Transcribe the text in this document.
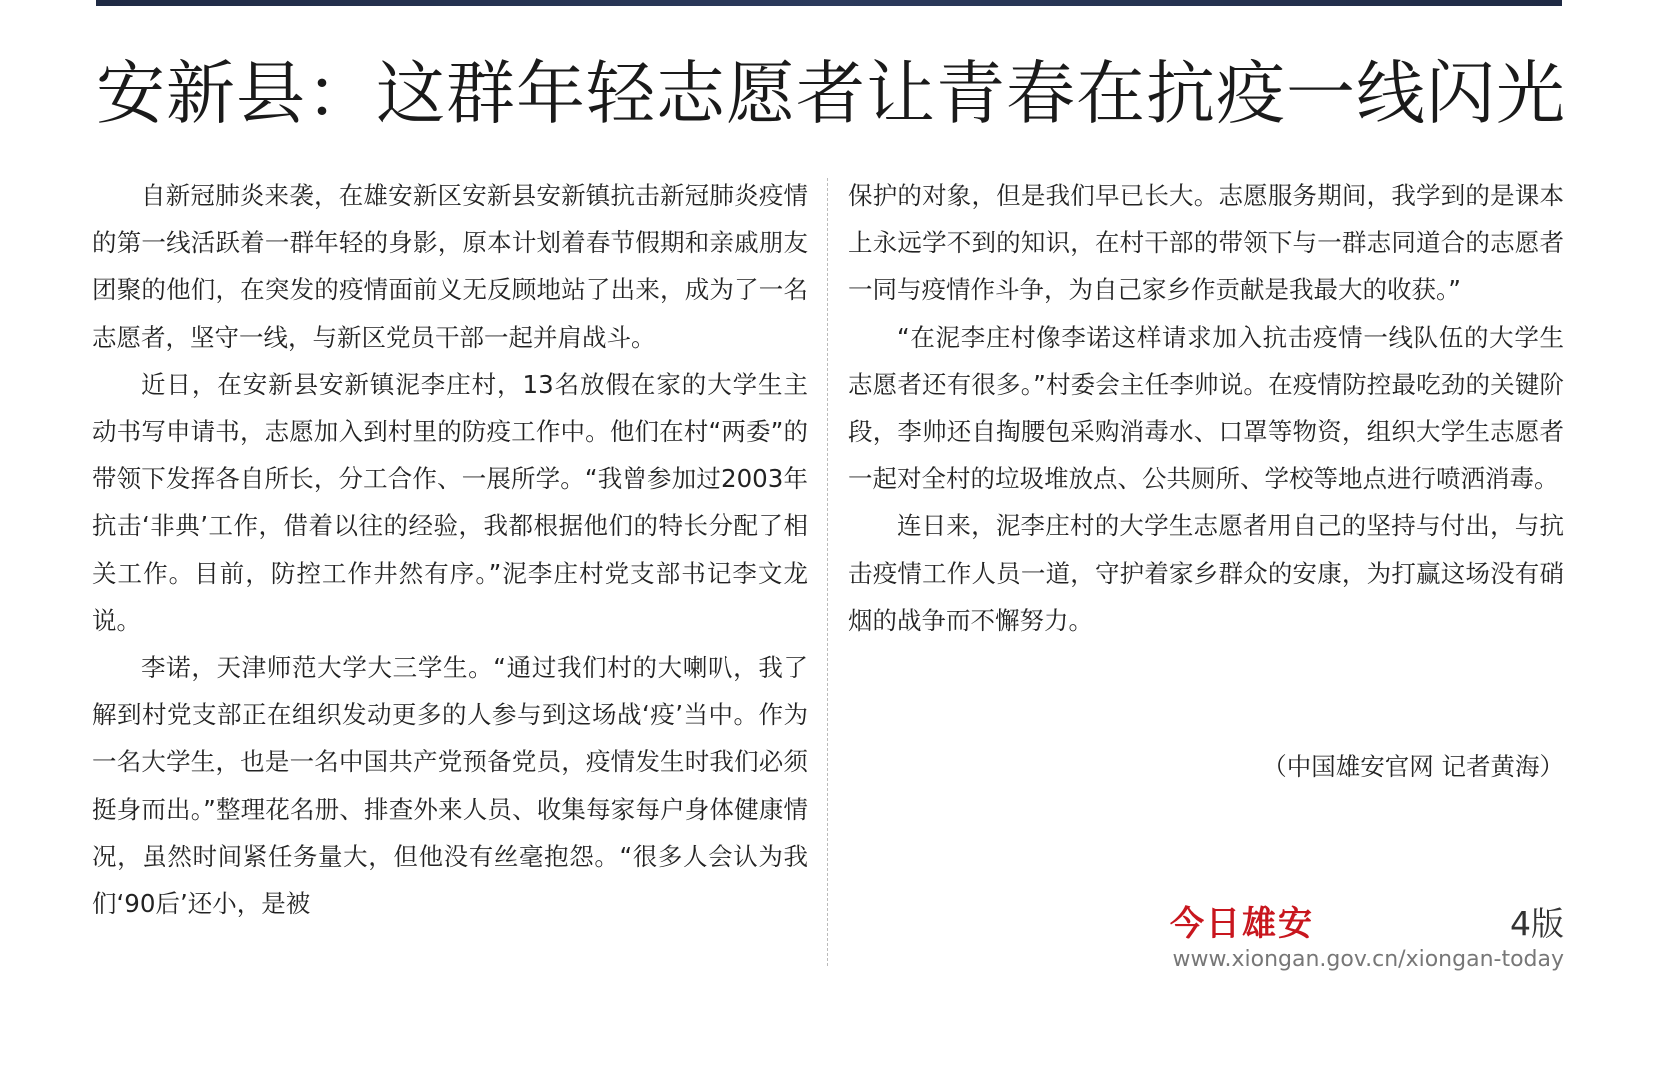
安新县：这群年轻志愿者让青春在抗疫一线闪光

自新冠肺炎来袭，在雄安新区安新县安新镇抗击新冠肺炎疫情的第一线活跃着一群年轻的身影，原本计划着春节假期和亲戚朋友团聚的他们，在突发的疫情面前义无反顾地站了出来，成为了一名志愿者，坚守一线，与新区党员干部一起并肩战斗。

近日，在安新县安新镇泥李庄村，13名放假在家的大学生主动书写申请书，志愿加入到村里的防疫工作中。他们在村“两委”的带领下发挥各自所长，分工合作、一展所学。“我曾参加过2003年抗击‘非典’工作，借着以往的经验，我都根据他们的特长分配了相关工作。目前，防控工作井然有序。”泥李庄村党支部书记李文龙说。

李诺，天津师范大学大三学生。“通过我们村的大喇叭，我了解到村党支部正在组织发动更多的人参与到这场战‘疫’当中。作为一名大学生，也是一名中国共产党预备党员，疫情发生时我们必须挺身而出。”整理花名册、排查外来人员、收集每家每户身体健康情况，虽然时间紧任务量大，但他没有丝毫抱怨。“很多人会认为我们‘90后’还小，是被

保护的对象，但是我们早已长大。志愿服务期间，我学到的是课本上永远学不到的知识，在村干部的带领下与一群志同道合的志愿者一同与疫情作斗争，为自己家乡作贡献是我最大的收获。”

“在泥李庄村像李诺这样请求加入抗击疫情一线队伍的大学生志愿者还有很多。”村委会主任李帅说。在疫情防控最吃劲的关键阶段，李帅还自掏腰包采购消毒水、口罩等物资，组织大学生志愿者一起对全村的垃圾堆放点、公共厕所、学校等地点进行喷洒消毒。

连日来，泥李庄村的大学生志愿者用自己的坚持与付出，与抗击疫情工作人员一道，守护着家乡群众的安康，为打赢这场没有硝烟的战争而不懈努力。

（中国雄安官网 记者黄海）
今日雄安	4版
www.xiongan.gov.cn/xiongan-today
